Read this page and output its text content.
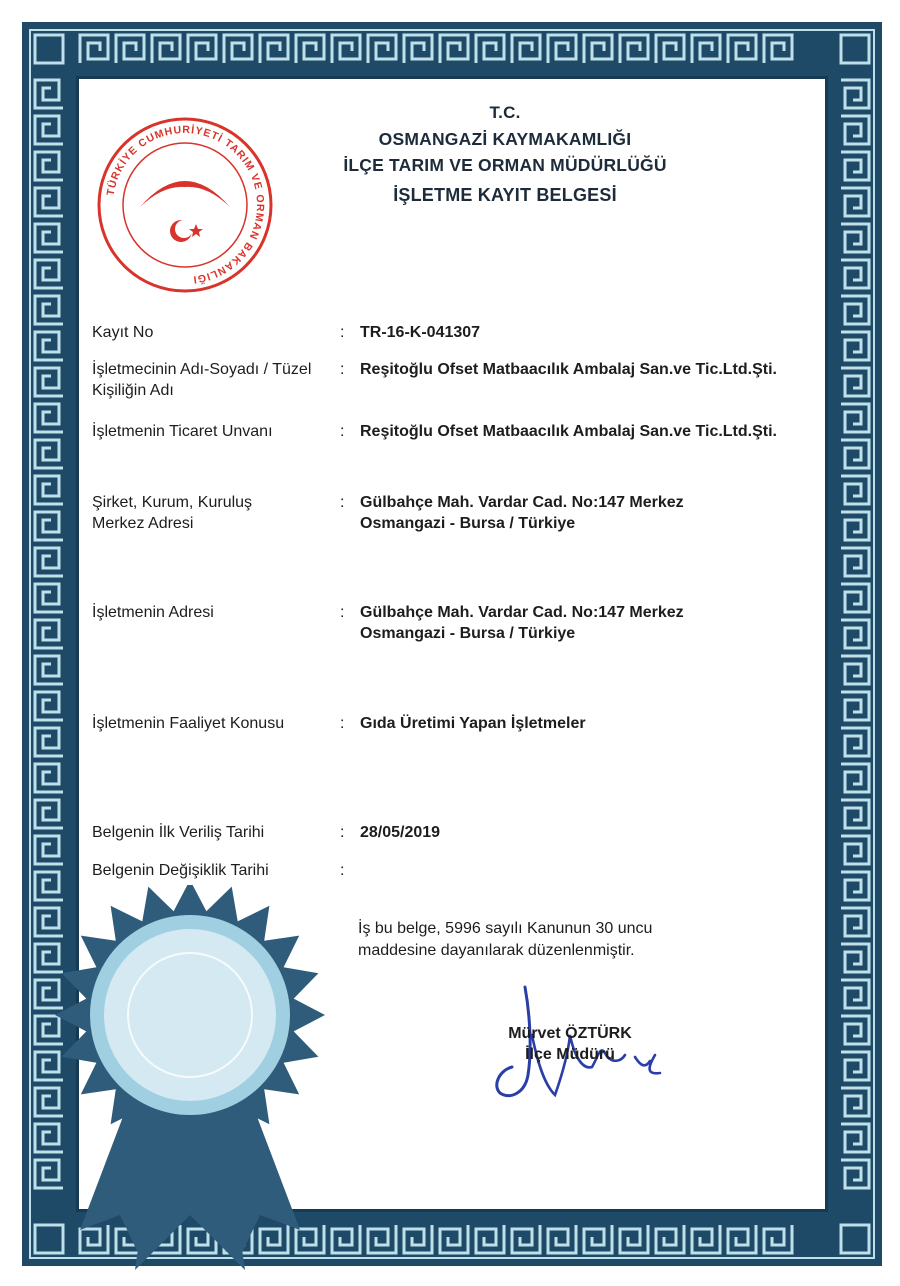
TÜRKİYE CUMHURİYETİ TARIM VE ORMAN BAKANLIĞI
T.C.
OSMANGAZİ KAYMAKAMLIĞI
İLÇE TARIM VE ORMAN MÜDÜRLÜĞÜ
İŞLETME KAYIT BELGESİ
Kayıt No	: TR-16-K-041307
İşletmecinin Adı-Soyadı / Tüzel Kişiliğin Adı
: Reşitoğlu Ofset Matbaacılık Ambalaj San.ve Tic.Ltd.Şti.
İşletmenin Ticaret Unvanı	: Reşitoğlu Ofset Matbaacılık Ambalaj San.ve Tic.Ltd.Şti.
Şirket, Kurum, Kuruluş Merkez Adresi
: Gülbahçe Mah. Vardar Cad. No:147 Merkez Osmangazi - Bursa / Türkiye
İşletmenin Adresi	: Gülbahçe Mah. Vardar Cad. No:147 Merkez Osmangazi - Bursa / Türkiye
İşletmenin Faaliyet Konusu	: Gıda Üretimi Yapan İşletmeler
Belgenin İlk Veriliş Tarihi	: 28/05/2019
Belgenin Değişiklik Tarihi	:
İş bu belge, 5996 sayılı Kanunun 30 uncu maddesine dayanılarak düzenlenmiştir.
Mürvet ÖZTÜRK
İlçe Müdürü
